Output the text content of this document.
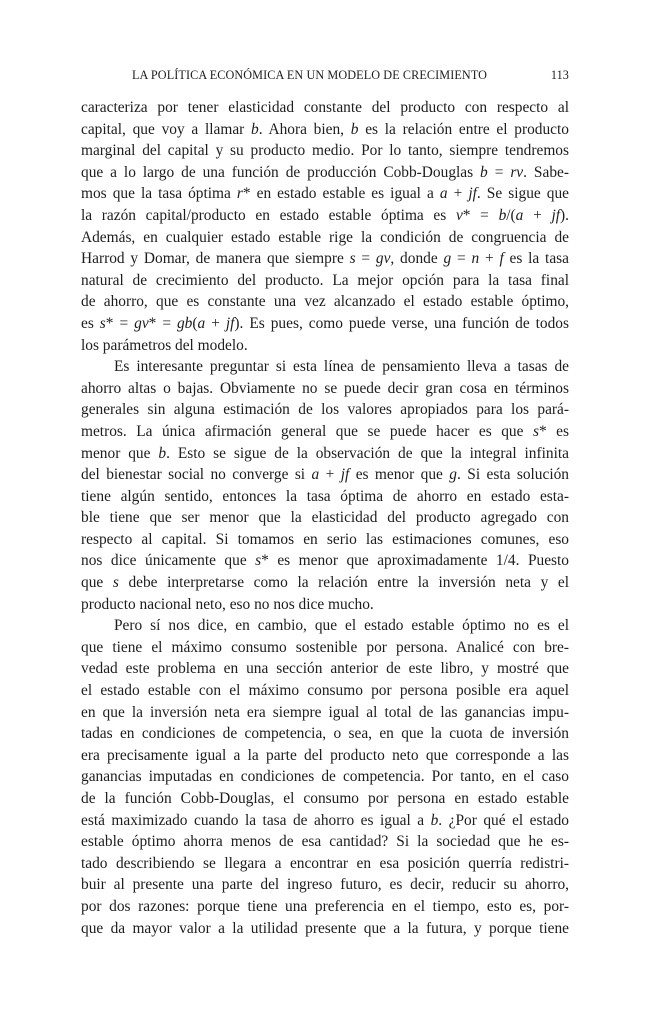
LA POLÍTICA ECONÓMICA EN UN MODELO DE CRECIMIENTO	113
caracteriza por tener elasticidad constante del producto con respecto al
capital, que voy a llamar b. Ahora bien, b es la relación entre el producto
marginal del capital y su producto medio. Por lo tanto, siempre tendremos
que a lo largo de una función de producción Cobb-Douglas b = rv. Sabe-
mos que la tasa óptima r* en estado estable es igual a a + jf. Se sigue que
la razón capital/producto en estado estable óptima es v* = b/(a + jf).
Además, en cualquier estado estable rige la condición de congruencia de
Harrod y Domar, de manera que siempre s = gv, donde g = n + f es la tasa
natural de crecimiento del producto. La mejor opción para la tasa final
de ahorro, que es constante una vez alcanzado el estado estable óptimo,
es s* = gv* = gb(a + jf). Es pues, como puede verse, una función de todos
los parámetros del modelo.
Es interesante preguntar si esta línea de pensamiento lleva a tasas de
ahorro altas o bajas. Obviamente no se puede decir gran cosa en términos
generales sin alguna estimación de los valores apropiados para los pará-
metros. La única afirmación general que se puede hacer es que s* es
menor que b. Esto se sigue de la observación de que la integral infinita
del bienestar social no converge si a + jf es menor que g. Si esta solución
tiene algún sentido, entonces la tasa óptima de ahorro en estado esta-
ble tiene que ser menor que la elasticidad del producto agregado con
respecto al capital. Si tomamos en serio las estimaciones comunes, eso
nos dice únicamente que s* es menor que aproximadamente 1/4. Puesto
que s debe interpretarse como la relación entre la inversión neta y el
producto nacional neto, eso no nos dice mucho.
Pero sí nos dice, en cambio, que el estado estable óptimo no es el
que tiene el máximo consumo sostenible por persona. Analicé con bre-
vedad este problema en una sección anterior de este libro, y mostré que
el estado estable con el máximo consumo por persona posible era aquel
en que la inversión neta era siempre igual al total de las ganancias impu-
tadas en condiciones de competencia, o sea, en que la cuota de inversión
era precisamente igual a la parte del producto neto que corresponde a las
ganancias imputadas en condiciones de competencia. Por tanto, en el caso
de la función Cobb-Douglas, el consumo por persona en estado estable
está maximizado cuando la tasa de ahorro es igual a b. ¿Por qué el estado
estable óptimo ahorra menos de esa cantidad? Si la sociedad que he es-
tado describiendo se llegara a encontrar en esa posición querría redistri-
buir al presente una parte del ingreso futuro, es decir, reducir su ahorro,
por dos razones: porque tiene una preferencia en el tiempo, esto es, por-
que da mayor valor a la utilidad presente que a la futura, y porque tiene
